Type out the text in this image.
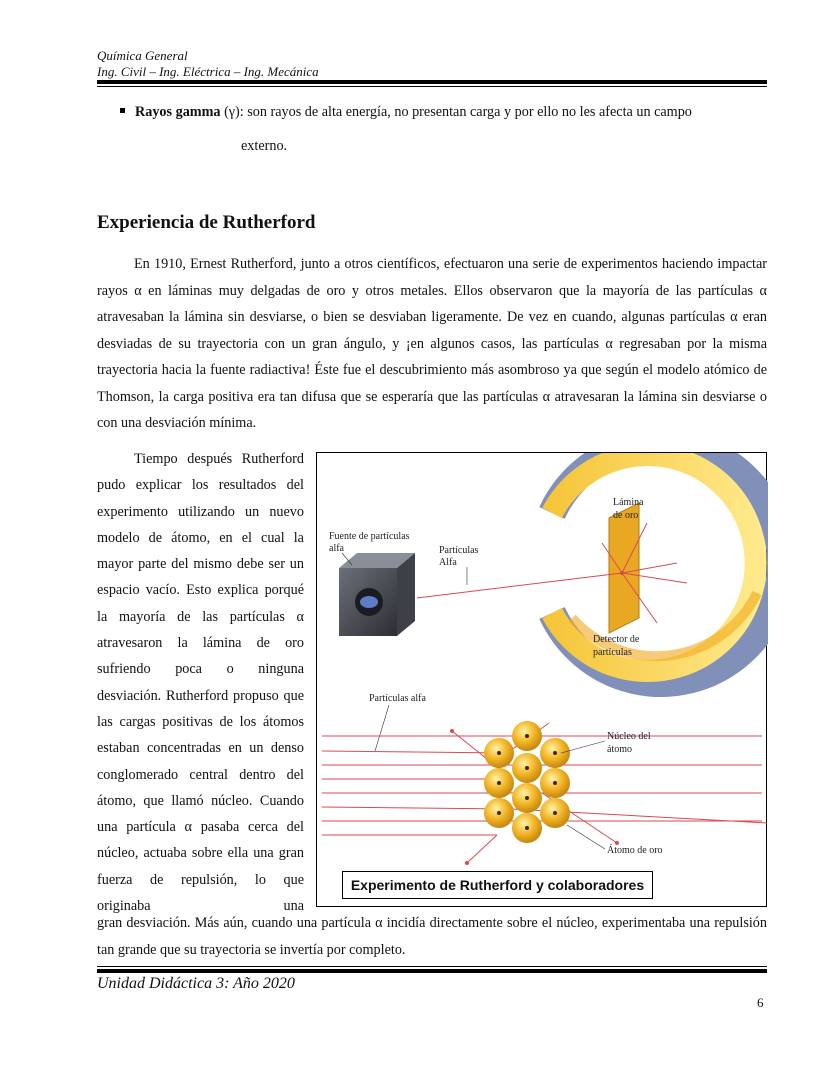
Química General
Ing. Civil – Ing. Eléctrica – Ing. Mecánica
Rayos gamma (γ): son rayos de alta energía, no presentan carga y por ello no les afecta un campo
externo.
Experiencia de Rutherford

En 1910, Ernest Rutherford, junto a otros científicos, efectuaron una serie de experimentos haciendo impactar rayos α en láminas muy delgadas de oro y otros metales. Ellos observaron que la mayoría de las partículas α atravesaban la lámina sin desviarse, o bien se desviaban ligeramente. De vez en cuando, algunas partículas α eran desviadas de su trayectoria con un gran ángulo, y ¡en algunos casos, las partículas α regresaban por la misma trayectoria hacia la fuente radiactiva! Éste fue el descubrimiento más asombroso ya que según el modelo atómico de Thomson, la carga positiva era tan difusa que se esperaría que las partículas α atravesaran la lámina sin desviarse o con una desviación mínima.

Tiempo después Rutherford pudo explicar los resultados del experimento utilizando un nuevo modelo de átomo, en el cual la mayor parte del mismo debe ser un espacio vacío. Esto explica porqué la mayoría de las partículas α atravesaron la lámina de oro sufriendo poca o ninguna desviación. Rutherford propuso que las cargas positivas de los átomos estaban concentradas en un denso conglomerado central dentro del átomo, que llamó núcleo. Cuando una partícula α pasaba cerca del núcleo, actuaba sobre ella una gran fuerza de repulsión, lo que originaba una

Fuente de partículas
alfa	Partículas
Alfa
Lámina
de oro
Detector de
partículas
Partículas alfa
Núcleo del
átomo
Átomo de oro
Experimento de Rutherford y colaboradores

gran desviación. Más aún, cuando una partícula α incidía directamente sobre el núcleo, experimentaba una repulsión tan grande que su trayectoria se invertía por completo.

Unidad Didáctica 3: Año 2020
6
